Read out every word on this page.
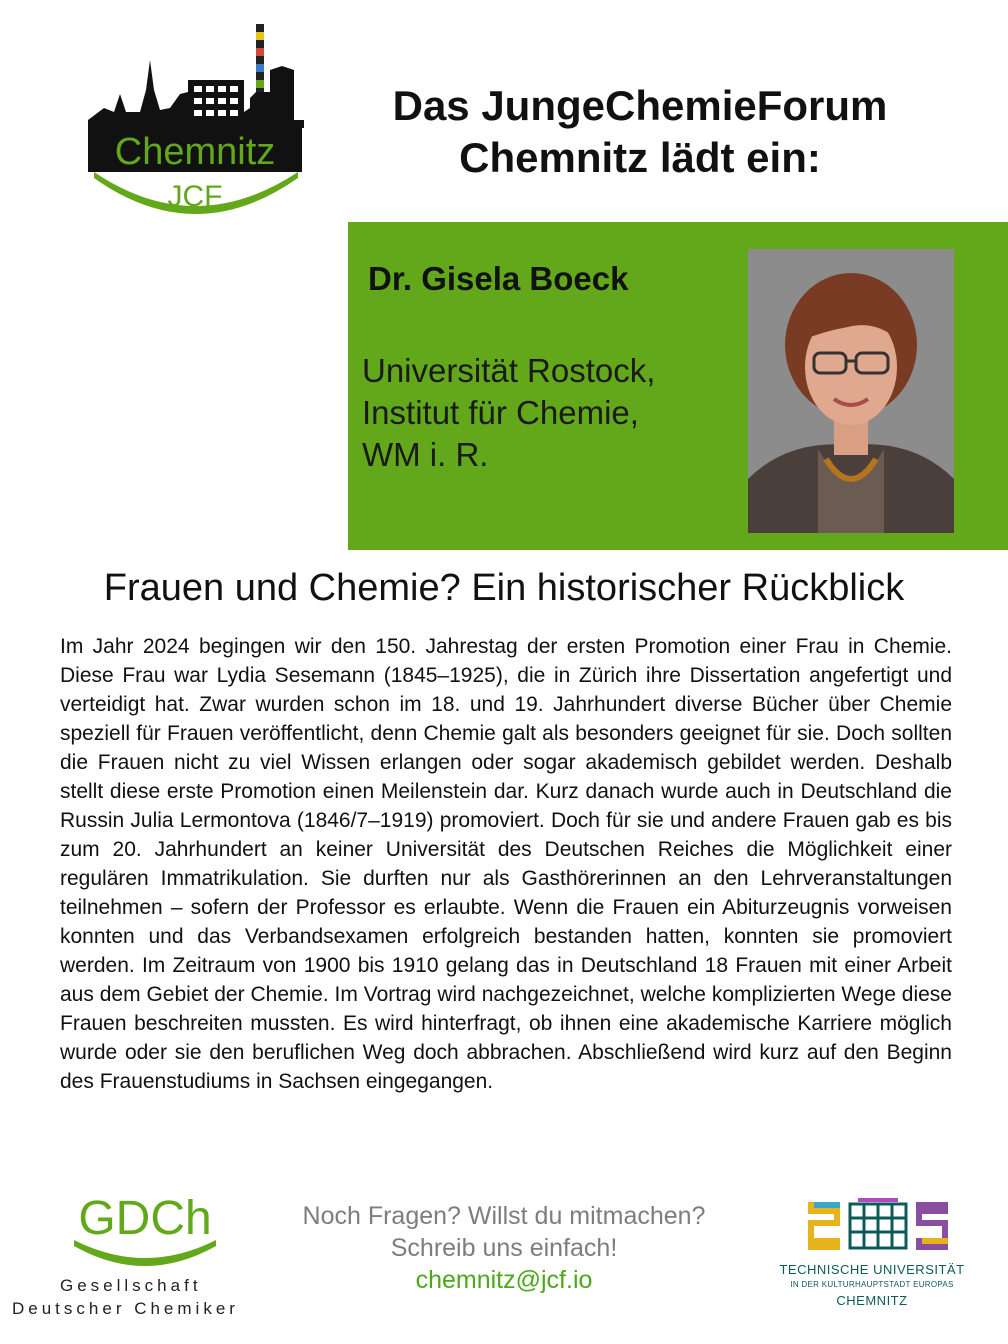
Chemnitz
JCF
Das JungeChemieForum
Chemnitz lädt ein:
Dr. Gisela Boeck
Universität Rostock,
Institut für Chemie,
WM i. R.
Frauen und Chemie? Ein historischer Rückblick
Im Jahr 2024 begingen wir den 150. Jahrestag der ersten Promotion einer Frau in Chemie. Diese Frau war Lydia Sesemann (1845–1925), die in Zürich ihre Dissertation angefertigt und verteidigt hat. Zwar wurden schon im 18. und 19. Jahrhundert diverse Bücher über Chemie speziell für Frauen veröffentlicht, denn Chemie galt als besonders geeignet für sie. Doch sollten die Frauen nicht zu viel Wissen erlangen oder sogar akademisch gebildet werden. Deshalb stellt diese erste Promotion einen Meilenstein dar. Kurz danach wurde auch in Deutschland die Russin Julia Lermontova (1846/7–1919) promoviert. Doch für sie und andere Frauen gab es bis zum 20. Jahrhundert an keiner Universität des Deutschen Reiches die Möglichkeit einer regulären Immatrikulation. Sie durften nur als Gasthörerinnen an den Lehrveranstaltungen teilnehmen – sofern der Professor es erlaubte. Wenn die Frauen ein Abiturzeugnis vorweisen konnten und das Verbandsexamen erfolgreich bestanden hatten, konnten sie promoviert werden. Im Zeitraum von 1900 bis 1910 gelang das in Deutschland 18 Frauen mit einer Arbeit aus dem Gebiet der Chemie. Im Vortrag wird nachgezeichnet, welche komplizierten Wege diese Frauen beschreiten mussten. Es wird hinterfragt, ob ihnen eine akademische Karriere möglich wurde oder sie den beruflichen Weg doch abbrachen. Abschließend wird kurz auf den Beginn des Frauenstudiums in Sachsen eingegangen.
GDCh
Gesellschaft
Deutscher Chemiker
Noch Fragen? Willst du mitmachen?
Schreib uns einfach!
chemnitz@jcf.io	TECHNISCHE UNIVERSITÄT
IN DER KULTURHAUPTSTADT EUROPAS
CHEMNITZ
